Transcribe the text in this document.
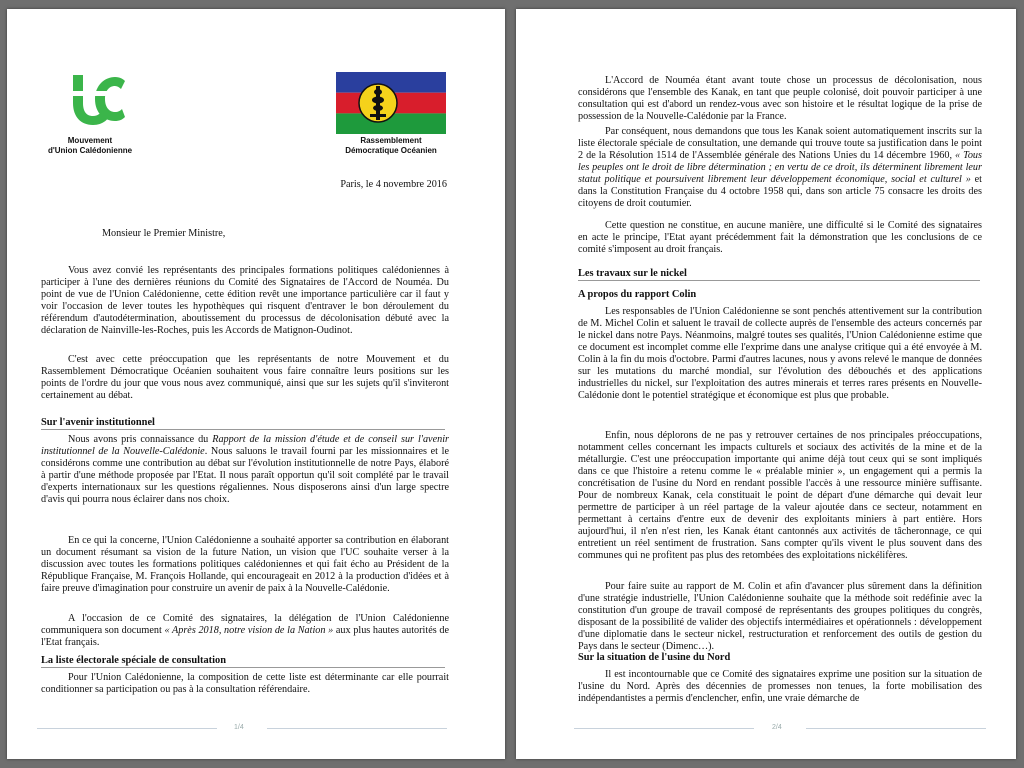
Mouvement
d'Union Calédonienne
Rassemblement
Démocratique Océanien
Paris, le 4 novembre 2016
Monsieur le Premier Ministre,

Vous avez convié les représentants des principales formations politiques calédoniennes à participer à l'une des dernières réunions du Comité des Signataires de l'Accord de Nouméa. Du point de vue de l'Union Calédonienne, cette édition revêt une importance particulière car il faut y voir l'occasion de lever toutes les hypothèques qui risquent d'entraver le bon déroulement du référendum d'autodétermination, aboutissement du processus de décolonisation débuté avec la déclaration de Nainville-les-Roches, puis les Accords de Matignon-Oudinot.

C'est avec cette préoccupation que les représentants de notre Mouvement et du Rassemblement Démocratique Océanien souhaitent vous faire connaître leurs positions sur les points de l'ordre du jour que vous nous avez communiqué, ainsi que sur les sujets qu'il s'inviteront certainement au débat.

Sur l'avenir institutionnel

Nous avons pris connaissance du Rapport de la mission d'étude et de conseil sur l'avenir institutionnel de la Nouvelle-Calédonie. Nous saluons le travail fourni par les missionnaires et le considérons comme une contribution au débat sur l'évolution institutionnelle de notre Pays, élaboré à partir d'une méthode proposée par l'Etat. Il nous paraît opportun qu'il soit complété par le travail d'experts internationaux sur les questions régaliennes. Nous disposerons ainsi d'un large spectre d'avis qui pourra nous éclairer dans nos choix.

En ce qui la concerne, l'Union Calédonienne a souhaité apporter sa contribution en élaborant un document résumant sa vision de la future Nation, un vision que l'UC souhaite verser à la discussion avec toutes les formations politiques calédoniennes et qui fait écho au Président de la République Française, M. François Hollande, qui encourageait en 2012 à la production d'idées et à faire preuve d'imagination pour construire un avenir de paix à la Nouvelle-Calédonie.

A l'occasion de ce Comité des signataires, la délégation de l'Union Calédonienne communiquera son document « Après 2018, notre vision de la Nation » aux plus hautes autorités de l'Etat français.

La liste électorale spéciale de consultation

Pour l'Union Calédonienne, la composition de cette liste est déterminante car elle pourrait conditionner sa participation ou pas à la consultation référendaire.

1/4

L'Accord de Nouméa étant avant toute chose un processus de décolonisation, nous considérons que l'ensemble des Kanak, en tant que peuple colonisé, doit pouvoir participer à une consultation qui est d'abord un rendez-vous avec son histoire et le résultat logique de la prise de possession de la Nouvelle-Calédonie par la France.

Par conséquent, nous demandons que tous les Kanak soient automatiquement inscrits sur la liste électorale spéciale de consultation, une demande qui trouve toute sa justification dans le point 2 de la Résolution 1514 de l'Assemblée générale des Nations Unies du 14 décembre 1960, « Tous les peuples ont le droit de libre détermination ; en vertu de ce droit, ils déterminent librement leur statut politique et poursuivent librement leur développement économique, social et culturel » et dans la Constitution Française du 4 octobre 1958 qui, dans son article 75 consacre les droits des citoyens de droit coutumier.

Cette question ne constitue, en aucune manière, une difficulté si le Comité des signataires en acte le principe, l'Etat ayant précédemment fait la démonstration que les conclusions de ce comité s'imposent au droit français.

Les travaux sur le nickel
A propos du rapport Colin

Les responsables de l'Union Calédonienne se sont penchés attentivement sur la contribution de M. Michel Colin et saluent le travail de collecte auprès de l'ensemble des acteurs concernés par le nickel dans notre Pays. Néanmoins, malgré toutes ses qualités, l'Union Calédonienne estime que ce document est incomplet comme elle l'exprime dans une analyse critique qui a été envoyée à M. Colin à la fin du mois d'octobre. Parmi d'autres lacunes, nous y avons relevé le manque de données sur les mutations du marché mondial, sur l'évolution des débouchés et des applications industrielles du nickel, sur l'exploitation des autres minerais et terres rares présents en Nouvelle-Calédonie dont le potentiel stratégique et économique est plus que probable.

Enfin, nous déplorons de ne pas y retrouver certaines de nos principales préoccupations, notamment celles concernant les impacts culturels et sociaux des activités de la mine et de la métallurgie. C'est une préoccupation importante qui anime déjà tout ceux qui se sont impliqués dans ce que l'histoire a retenu comme le « préalable minier », un engagement qui a permis la concrétisation de l'usine du Nord en rendant possible l'accès à une ressource minière suffisante. Pour de nombreux Kanak, cela constituait le point de départ d'une démarche qui devait leur permettre de participer à un réel partage de la valeur ajoutée dans ce secteur, notamment en permettant à certains d'entre eux de devenir des exploitants miniers à part entière. Hors aujourd'hui, il n'en n'est rien, les Kanak étant cantonnés aux activités de tâcheronnage, ce qui entretient un réel sentiment de frustration. Sans compter qu'ils vivent le plus souvent dans des communes qui ne profitent pas plus des retombées des exploitations nickélifères.

Pour faire suite au rapport de M. Colin et afin d'avancer plus sûrement dans la définition d'une stratégie industrielle, l'Union Calédonienne souhaite que la méthode soit redéfinie avec la constitution d'un groupe de travail composé de représentants des groupes politiques du congrès, disposant de la possibilité de valider des objectifs intermédiaires et opérationnels : développement d'une diplomatie dans le secteur nickel, restructuration et renforcement des outils de gestion du Pays dans le secteur (Dimenc…).

Sur la situation de l'usine du Nord

Il est incontournable que ce Comité des signataires exprime une position sur la situation de l'usine du Nord. Après des décennies de promesses non tenues, la forte mobilisation des indépendantistes a permis d'enclencher, enfin, une vraie démarche de

2/4
